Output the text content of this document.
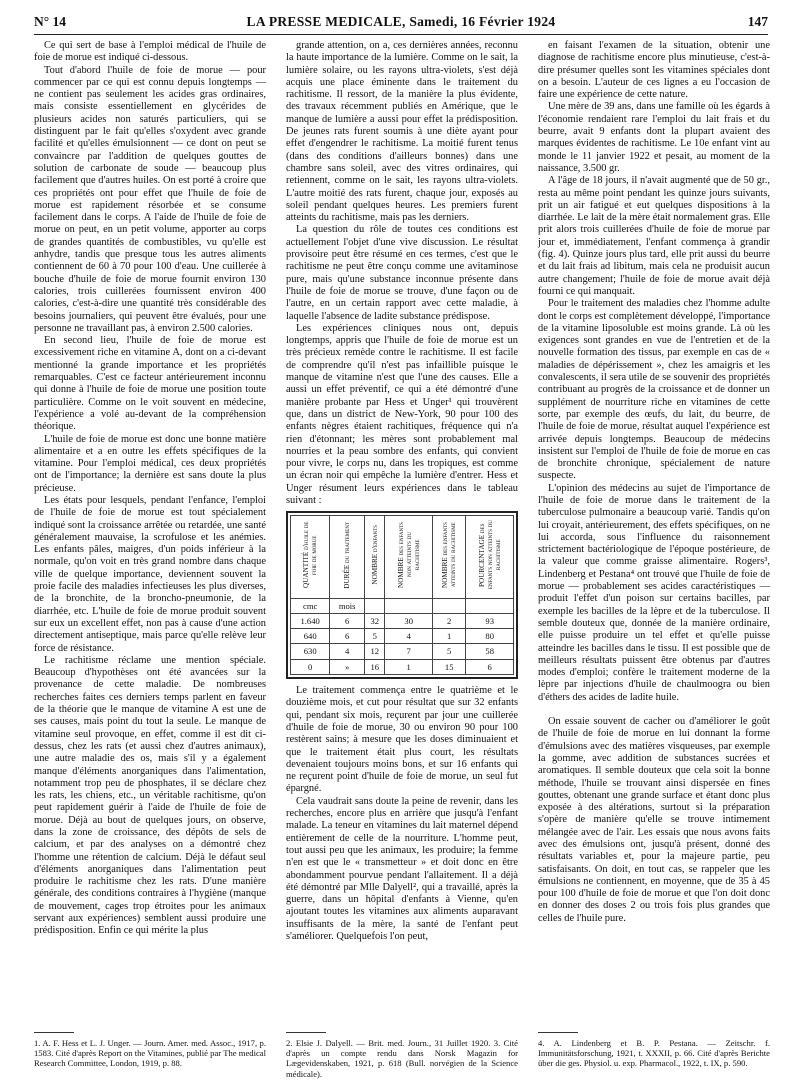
N° 14	LA PRESSE MEDICALE, Samedi, 16 Février 1924	147

Ce qui sert de base à l'emploi médical de l'huile de foie de morue est indiqué ci-dessous.

Tout d'abord l'huile de foie de morue — pour commencer par ce qui est connu depuis longtemps — ne contient pas seulement les acides gras ordinaires, mais consiste essentiellement en glycérides de plusieurs acides non saturés particuliers, qui se distinguent par le fait qu'elles s'oxydent avec grande facilité et qu'elles émulsionnent — ce dont on peut se convaincre par l'addition de quelques gouttes de solution de carbonate de soude — beaucoup plus facilement que d'autres huiles. On est porté à croire que ces propriétés ont pour effet que l'huile de foie de morue est rapidement résorbée et se consume facilement dans le corps. A l'aide de l'huile de foie de morue on peut, en un petit volume, apporter au corps de grandes quantités de combustibles, vu qu'elle est anhydre, tandis que presque tous les autres aliments contiennent de 60 à 70 pour 100 d'eau. Une cuillerée à bouche d'huile de foie de morue fournit environ 130 calories, trois cuillerées fournissent environ 400 calories, c'est-à-dire une quantité très considérable des besoins journaliers, qui peuvent être évalués, pour une personne ne travaillant pas, à environ 2.500 calories.

En second lieu, l'huile de foie de morue est excessivement riche en vitamine A, dont on a ci-devant mentionné la grande importance et les propriétés remarquables. C'est ce facteur antérieurement inconnu qui donne à l'huile de foie de morue une position toute particulière. Comme on le voit souvent en médecine, l'expérience a volé au-devant de la compréhension théorique.

L'huile de foie de morue est donc une bonne matière alimentaire et a en outre les effets spécifiques de la vitamine. Pour l'emploi médical, ces deux propriétés ont de l'importance; la dernière est sans doute la plus précieuse.

Les états pour lesquels, pendant l'enfance, l'emploi de l'huile de foie de morue est tout spécialement indiqué sont la croissance arrêtée ou retardée, une santé généralement mauvaise, la scrofulose et les anémies. Les enfants pâles, maigres, d'un poids inférieur à la normale, qu'on voit en très grand nombre dans chaque ville de quelque importance, deviennent souvent la proie facile des maladies infectieuses les plus diverses, de la bronchite, de la broncho-pneumonie, de la diarrhée, etc. L'huile de foie de morue produit souvent sur eux un excellent effet, non pas à cause d'une action directement antiseptique, mais parce qu'elle relève leur force de résistance.

Le rachitisme réclame une mention spéciale. Beaucoup d'hypothèses ont été avancées sur la provenance de cette maladie. De nombreuses recherches faites ces derniers temps parlent en faveur de la théorie que le manque de vitamine A est une de ses causes, mais point du tout la seule. Le manque de vitamine seul provoque, en effet, comme il est dit ci-dessus, chez les rats (et aussi chez d'autres animaux), une autre maladie des os, mais s'il y a également manque d'éléments anorganiques dans l'alimentation, notamment trop peu de phosphates, il se déclare chez les rats, les chiens, etc., un véritable rachitisme, qu'on peut rapidement guérir à l'aide de l'huile de foie de morue. Déjà au bout de quelques jours, on observe, dans la zone de croissance, des dépôts de sels de calcium, et par des analyses on a démontré chez l'homme une rétention de calcium. Déjà le défaut seul d'éléments anorganiques dans l'alimentation peut produire le rachitisme chez les rats. D'une manière générale, des conditions contraires à l'hygiène (manque de mouvement, cages trop étroites pour les animaux servant aux expériences) semblent aussi produire une prédisposition. Enfin ce qui mérite la plus

grande attention, on a, ces dernières années, reconnu la haute importance de la lumière. Comme on le sait, la lumière solaire, ou les rayons ultra-violets, s'est déjà acquis une place éminente dans le traitement du rachitisme. Il ressort, de la manière la plus évidente, des travaux récemment publiés en Amérique, que le manque de lumière a aussi pour effet la prédisposition. De jeunes rats furent soumis à une diète ayant pour effet d'engendrer le rachitisme. La moitié furent tenus (dans des conditions d'ailleurs bonnes) dans une chambre sans soleil, avec des vitres ordinaires, qui retiennent, comme on le sait, les rayons ultra-violets. L'autre moitié des rats furent, chaque jour, exposés au soleil pendant quelques heures. Les premiers furent atteints du rachitisme, mais pas les derniers.

La question du rôle de toutes ces conditions est actuellement l'objet d'une vive discussion. Le résultat provisoire peut être résumé en ces termes, c'est que le rachitisme ne peut être conçu comme une avitaminose pure, mais qu'une substance inconnue présente dans l'huile de foie de morue se trouve, d'une façon ou de l'autre, en un certain rapport avec cette maladie, à laquelle l'absence de ladite substance prédispose.

Les expériences cliniques nous ont, depuis longtemps, appris que l'huile de foie de morue est un très précieux remède contre le rachitisme. Il est facile de comprendre qu'il n'est pas infaillible puisque le manque de vitamine n'est que l'une des causes. Elle a aussi un effet préventif, ce qui a été démontré d'une manière probante par Hess et Unger¹ qui trouvèrent que, dans un district de New-York, 90 pour 100 des enfants nègres étaient rachitiques, fréquence qui n'a rien d'étonnant; les mères sont probablement mal nourries et la peau sombre des enfants, qui convient pour vivre, le corps nu, dans les tropiques, est comme un écran noir qui empêche la lumière d'entrer. Hess et Unger résument leurs expériences dans le tableau suivant :

QUANTITÉ d'huile de foie de morue	DURÉE du traitement	NOMBRE d'enfants	NOMBRE des enfants non atteints du rachitisme	NOMBRE des enfants atteints du rachitisme	POURCENTAGE des enfants non atteints du rachitisme
cmc	mois				
1.640	6	32	30	2	93
640	6	5	4	1	80
630	4	12	7	5	58
0	»	16	1	15	6

Le traitement commença entre le quatrième et le douzième mois, et cut pour résultat que sur 32 enfants qui, pendant six mois, reçurent par jour une cuillerée d'huile de foie de morue, 30 ou environ 90 pour 100 restèrent sains; à mesure que les doses diminuaient et que le traitement était plus court, les résultats devenaient toujours moins bons, et sur 16 enfants qui ne reçurent point d'huile de foie de morue, un seul fut épargné.

Cela vaudrait sans doute la peine de revenir, dans les recherches, encore plus en arrière que jusqu'à l'enfant malade. La teneur en vitamines du lait maternel dépend entièrement de celle de la nourriture. L'homme peut, tout aussi peu que les animaux, les produire; la femme n'en est que le « transmetteur » et doit donc en être abondamment pourvue pendant l'allaitement. Il a déjà été démontré par Mlle Dalyell², qui a travaillé, après la guerre, dans un hôpital d'enfants à Vienne, qu'en ajoutant toutes les vitamines aux aliments auparavant insuffisants de la mère, la santé de l'enfant peut s'améliorer. Quelquefois l'on peut,

en faisant l'examen de la situation, obtenir une diagnose de rachitisme encore plus minutieuse, c'est-à-dire présumer quelles sont les vitamines spéciales dont on a besoin. L'auteur de ces lignes a eu l'occasion de faire une expérience de cette nature.

Une mère de 39 ans, dans une famille où les égards à l'économie rendaient rare l'emploi du lait frais et du beurre, avait 9 enfants dont la plupart avaient des marques évidentes de rachitisme. Le 10e enfant vint au monde le 11 janvier 1922 et pesait, au moment de la naissance, 3.500 gr.

A l'âge de 18 jours, il n'avait augmenté que de 50 gr., resta au même point pendant les quinze jours suivants, prit un air fatigué et eut quelques dispositions à la diarrhée. Le lait de la mère était normalement gras. Elle prit alors trois cuillerées d'huile de foie de morue par jour et, immédiatement, l'enfant commença à grandir (fig. 4). Quinze jours plus tard, elle prit aussi du beurre et du lait frais ad libitum, mais cela ne produisit aucun autre changement; l'huile de foie de morue avait déjà fourni ce qui manquait.

Pour le traitement des maladies chez l'homme adulte dont le corps est complètement développé, l'importance de la vitamine liposoluble est moins grande. Là où les exigences sont grandes en vue de l'entretien et de la nouvelle formation des tissus, par exemple en cas de « maladies de dépérissement », chez les amaigris et les convalescents, il sera utile de se souvenir des propriétés contribuant au progrès de la croissance et de donner un supplément de nourriture riche en vitamines de cette sorte, par exemple des œufs, du lait, du beurre, de l'huile de foie de morue, résultat auquel l'expérience est arrivée depuis longtemps. Beaucoup de médecins insistent sur l'emploi de l'huile de foie de morue en cas de bronchite chronique, spécialement de nature suspecte.

L'opinion des médecins au sujet de l'importance de l'huile de foie de morue dans le traitement de la tuberculose pulmonaire a beaucoup varié. Tandis qu'on lui croyait, antérieurement, des effets spécifiques, on ne lui accorda, sous l'influence du raisonnement strictement bactériologique de l'époque postérieure, de la valeur que comme graisse alimentaire. Rogers³, Lindenberg et Pestana⁴ ont trouvé que l'huile de foie de morue — probablement ses acides caractéristiques — produit l'effet d'un poison sur certains bacilles, par exemple les bacilles de la lèpre et de la tuberculose. Il semble douteux que, donnée de la manière ordinaire, elle puisse produire un tel effet et qu'elle puisse atteindre les bacilles dans le tissu. Il est possible que de meilleurs résultats puissent être obtenus par d'autres modes d'emploi; confère le traitement moderne de la lèpre par injections d'huile de chaulmoogra ou bien d'éthers des acides de ladite huile.

On essaie souvent de cacher ou d'améliorer le goût de l'huile de foie de morue en lui donnant la forme d'émulsions avec des matières visqueuses, par exemple la gomme, avec addition de substances sucrées et aromatiques. Il semble douteux que cela soit la bonne méthode, l'huile se trouvant ainsi dispersée en fines gouttes, obtenant une grande surface et étant donc plus exposée à des altérations, surtout si la préparation s'opère de manière qu'elle se trouve intimement mélangée avec de l'air. Les essais que nous avons faits avec des émulsions ont, jusqu'à présent, donné des résultats variables et, pour la majeure partie, peu satisfaisants. On doit, en tout cas, se rappeler que les émulsions ne contiennent, en moyenne, que de 35 à 45 pour 100 d'huile de foie de morue et que l'on doit donc en donner des doses 2 ou trois fois plus grandes que celles de l'huile pure.

1. A. F. Hess et L. J. Unger. — Journ. Amer. med. Assoc., 1917, p. 1583. Cité d'après Report on the Vitamines, publié par The medical Research Committee, London, 1919, p. 88.

2. Elsie J. Dalyell. — Brit. med. Journ., 31 Juillet 1920. 3. Cité d'après un compte rendu dans Norsk Magazin for Lægevidenskaben, 1921, p. 618 (Bull. norvégien de la Science médicale).

4. A. Lindenberg et B. P. Pestana. — Zeitschr. f. Immunitätsforschung, 1921, t. XXXII, p. 66. Cité d'après Berichte über die ges. Physiol. u. exp. Pharmacol., 1922, t. IX, p. 590.
